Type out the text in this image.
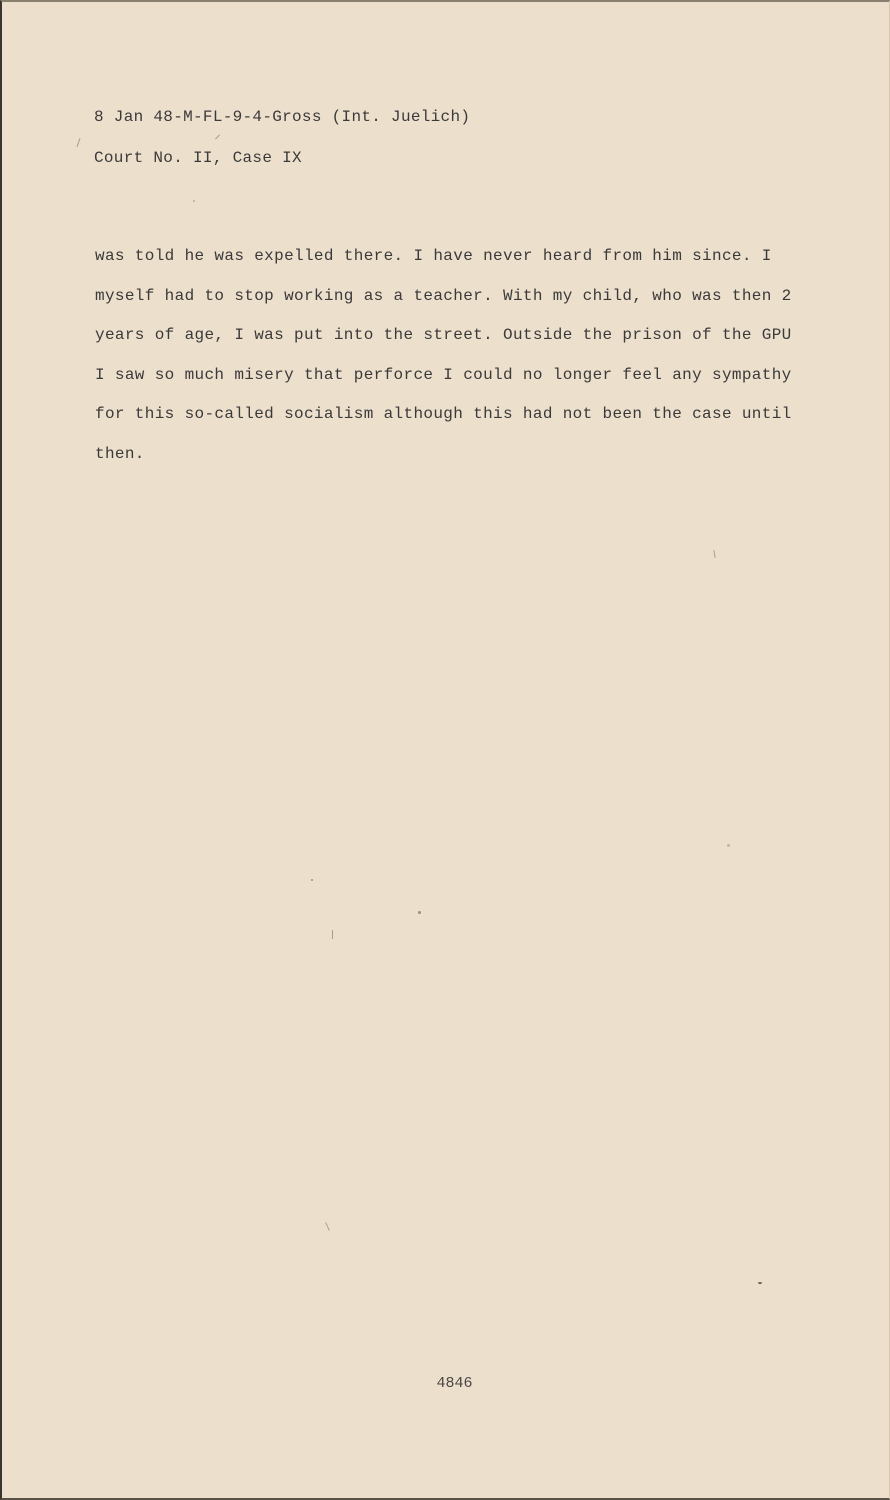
8 Jan 48-M-FL-9-4-Gross (Int. Juelich)
Court No. II, Case IX
was told he was expelled there. I have never heard from him since. I
myself had to stop working as a teacher. With my child, who was then 2
years of age, I was put into the street. Outside the prison of the GPU
I saw so much misery that perforce I could no longer feel any sympathy
for this so-called socialism although this had not been the case until
then.
4846
